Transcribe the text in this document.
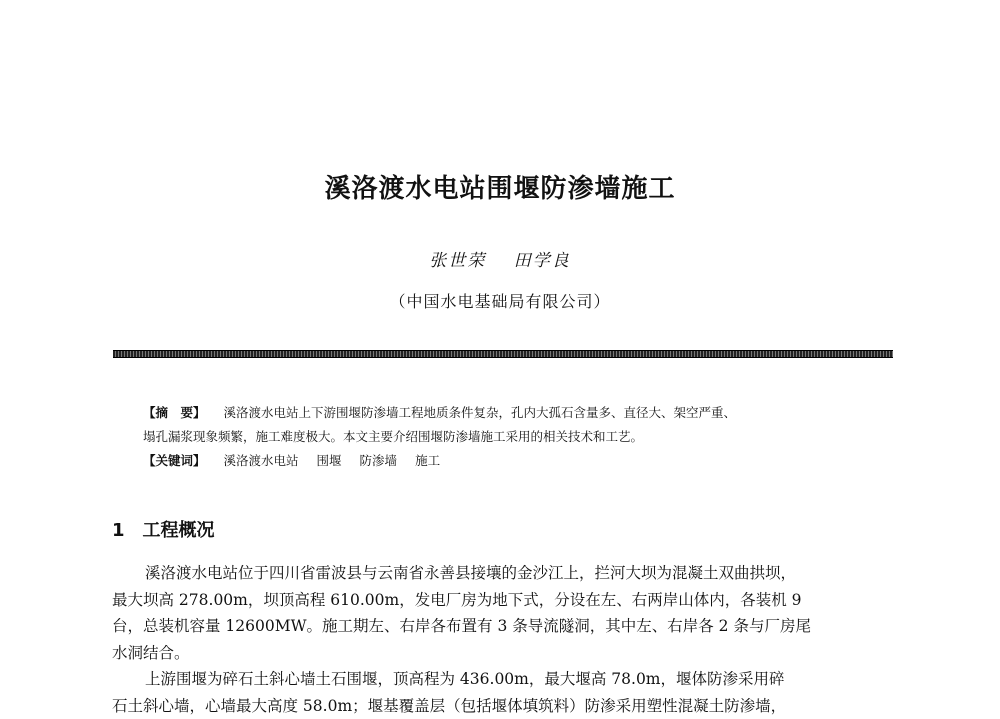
溪洛渡水电站围堰防渗墙施工
张世荣 田学良
（中国水电基础局有限公司）
【摘　要】 溪洛渡水电站上下游围堰防渗墙工程地质条件复杂，孔内大孤石含量多、直径大、架空严重、
塌孔漏浆现象频繁，施工难度极大。本文主要介绍围堰防渗墙施工采用的相关技术和工艺。
【关键词】 溪洛渡水电站 围堰 防渗墙 施工
1 工程概况
溪洛渡水电站位于四川省雷波县与云南省永善县接壤的金沙江上，拦河大坝为混凝土双曲拱坝，
最大坝高 278.00m，坝顶高程 610.00m，发电厂房为地下式，分设在左、右两岸山体内，各装机 9
台，总装机容量 12600MW。施工期左、右岸各布置有 3 条导流隧洞，其中左、右岸各 2 条与厂房尾
水洞结合。
上游围堰为碎石土斜心墙土石围堰，顶高程为 436.00m，最大堰高 78.0m，堰体防渗采用碎
石土斜心墙，心墙最大高度 58.0m；堰基覆盖层（包括堰体填筑料）防渗采用塑性混凝土防渗墙，
